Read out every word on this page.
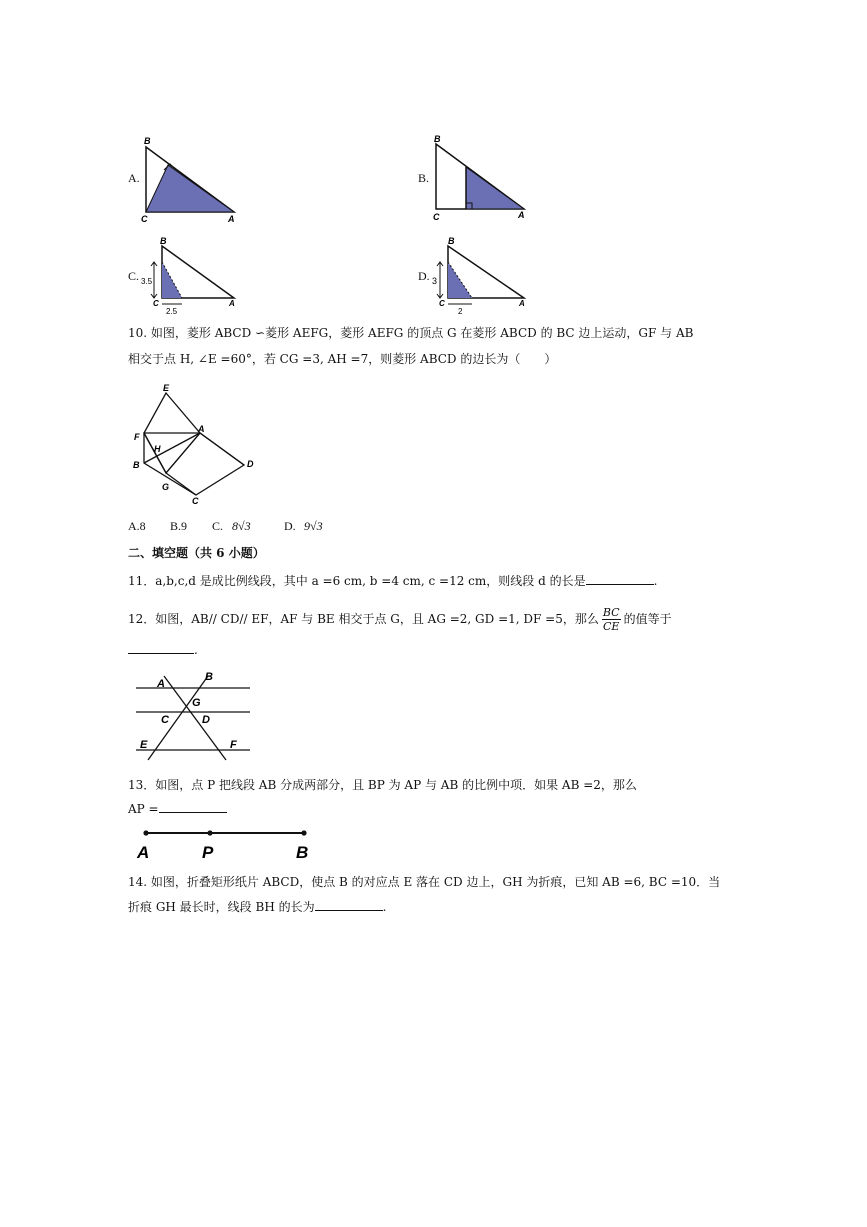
A.
B
C	A
B.
B
C	A
C. 3.5
2.5
B
C	A
D. 3
2
B
C	A
10. 如图，菱形 ABCD ∽菱形 AEFG，菱形 AEFG 的顶点 G 在菱形 ABCD 的 BC 边上运动，GF 与 AB
相交于点 H, ∠E =60°，若 CG =3, AH =7，则菱形 ABCD 的边长为（　　）
E
F
A
H
B	D
G
C
A.8 B.9 C. 8√3	D. 9√3
二、填空题（共 6 小题）
11．a,b,c,d 是成比例线段，其中 a =6 cm, b =4 cm, c =12 cm，则线段 d 的长是	.
12．如图，AB// CD// EF，AF 与 BE 相交于点 G，且 AG =2, GD =1, DF =5，那么 $\frac{BC}{CE}$ 的值等于
.
A
B
G
C	D
E	F
13．如图，点 P 把线段 AB 分成两部分，且 BP 为 AP 与 AB 的比例中项．如果 AB =2，那么
AP =
A	P	B
14. 如图，折叠矩形纸片 ABCD，使点 B 的对应点 E 落在 CD 边上，GH 为折痕，已知 AB =6, BC =10．当
折痕 GH 最长时，线段 BH 的长为	.
